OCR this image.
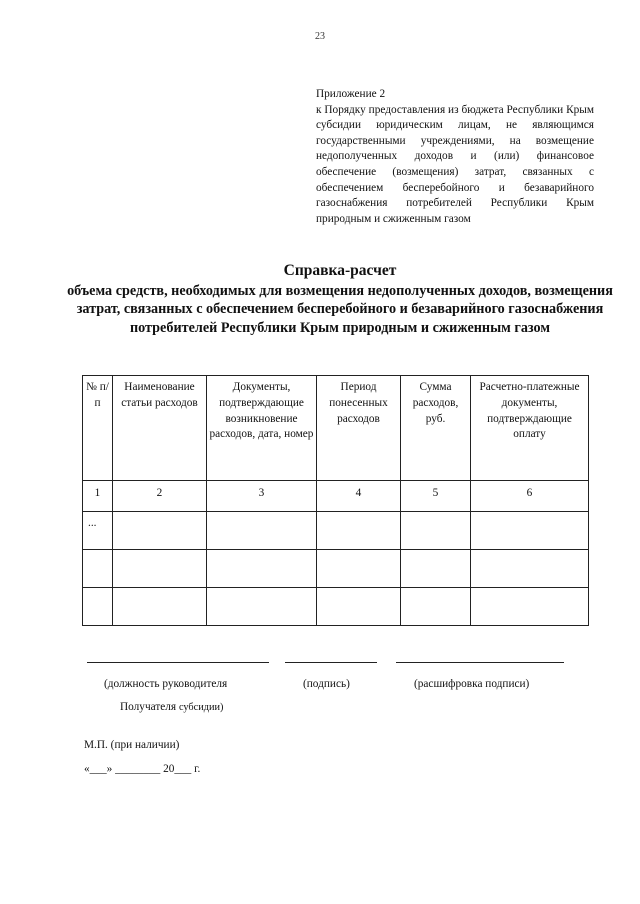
23
Приложение 2
к Порядку предоставления из бюджета Республики Крым субсидии юридическим лицам, не являющимся государственными учреждениями, на возмещение недополученных доходов и (или) финансовое обеспечение (возмещения) затрат, связанных с обеспечением бесперебойного и безаварийного газоснабжения потребителей Республики Крым природным и сжиженным газом
Справка-расчет
объема средств, необходимых для возмещения недополученных доходов, возмещения затрат, связанных с обеспечением бесперебойного и безаварийного газоснабжения потребителей Республики Крым природным и сжиженным газом
№ п/п	Наименование статьи расходов	Документы, подтверждающие возникновение расходов, дата, номер	Период понесенных расходов	Сумма расходов, руб.	Расчетно-платежные документы, подтверждающие оплату
1	2	3	4	5	6
...					

(должность руководителя	(подпись)	(расшифровка подписи)
Получателя субсидии)
М.П. (при наличии)
«___» ________ 20___ г.
